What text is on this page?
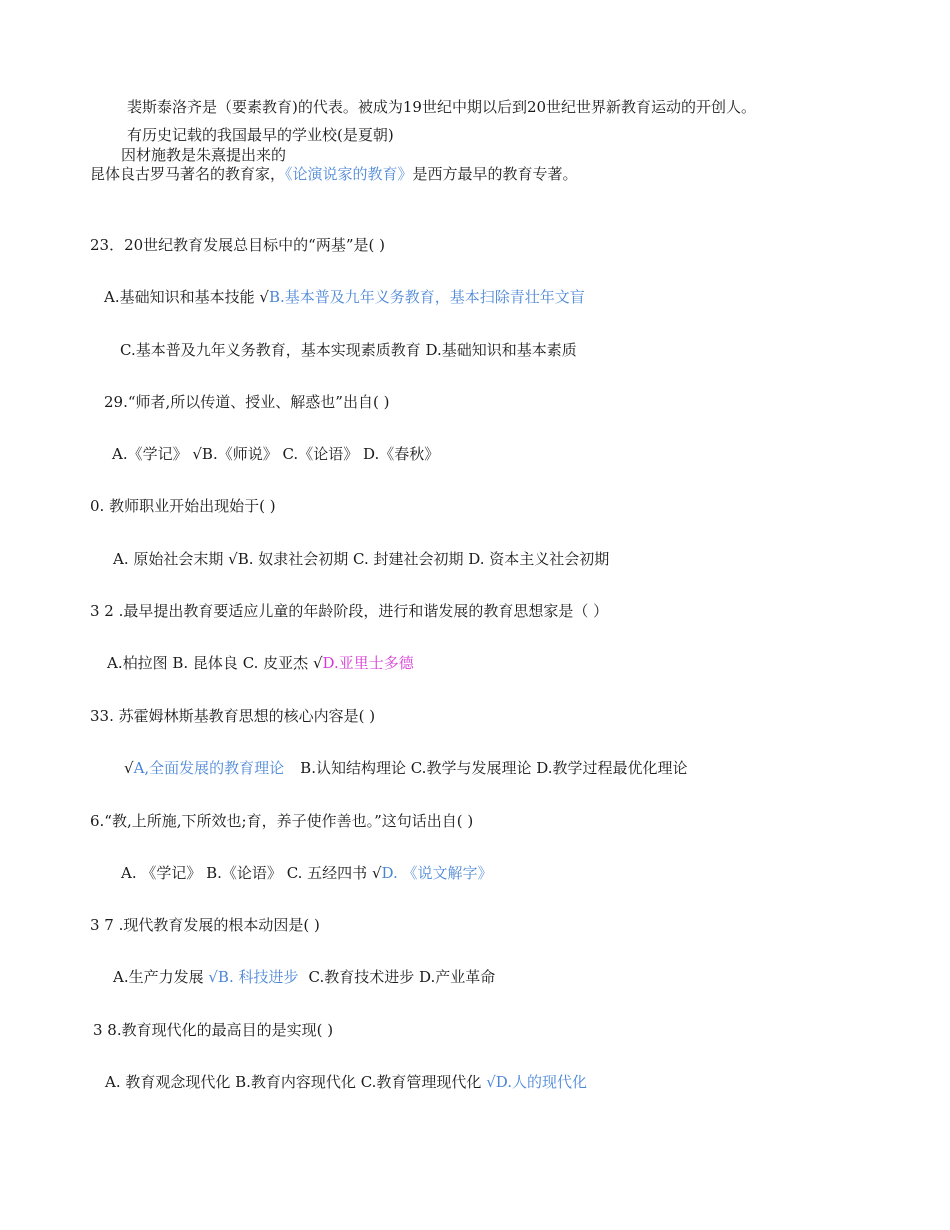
裴斯泰洛齐是（要素教育)的代表。被成为19世纪中期以后到20世纪世界新教育运动的开创人。
有历史记载的我国最早的学业校(是夏朝)
因材施教是朱熹提出来的
昆体良古罗马著名的教育家，《论演说家的教育》是西方最早的教育专著。
23．20世纪教育发展总目标中的“两基”是( )
A.基础知识和基本技能 √B.基本普及九年义务教育，基本扫除青壮年文盲
C.基本普及九年义务教育，基本实现素质教育 D.基础知识和基本素质
29.“师者,所以传道、授业、解惑也”出自( )
A.《学记》 √B.《师说》 C.《论语》 D.《春秋》
0. 教师职业开始出现始于( )
A. 原始社会末期 √B. 奴隶社会初期 C. 封建社会初期 D. 资本主义社会初期
3 2 .最早提出教育要适应儿童的年龄阶段，进行和谐发展的教育思想家是（ ）
A.柏拉图 B. 昆体良 C. 皮亚杰 √D.亚里士多德
33. 苏霍姆林斯基教育思想的核心内容是( )
√A,全面发展的教育理论 B.认知结构理论 C.教学与发展理论 D.教学过程最优化理论
6.“教,上所施,下所效也;育，养子使作善也。”这句话出自( )
A. 《学记》 B.《论语》 C. 五经四书 √D. 《说文解字》
3 7 .现代教育发展的根本动因是( )
A.生产力发展 √B. 科技进步 C.教育技术进步 D.产业革命
3 8.教育现代化的最高目的是实现( )
A. 教育观念现代化 B.教育内容现代化 C.教育管理现代化 √D.人的现代化
